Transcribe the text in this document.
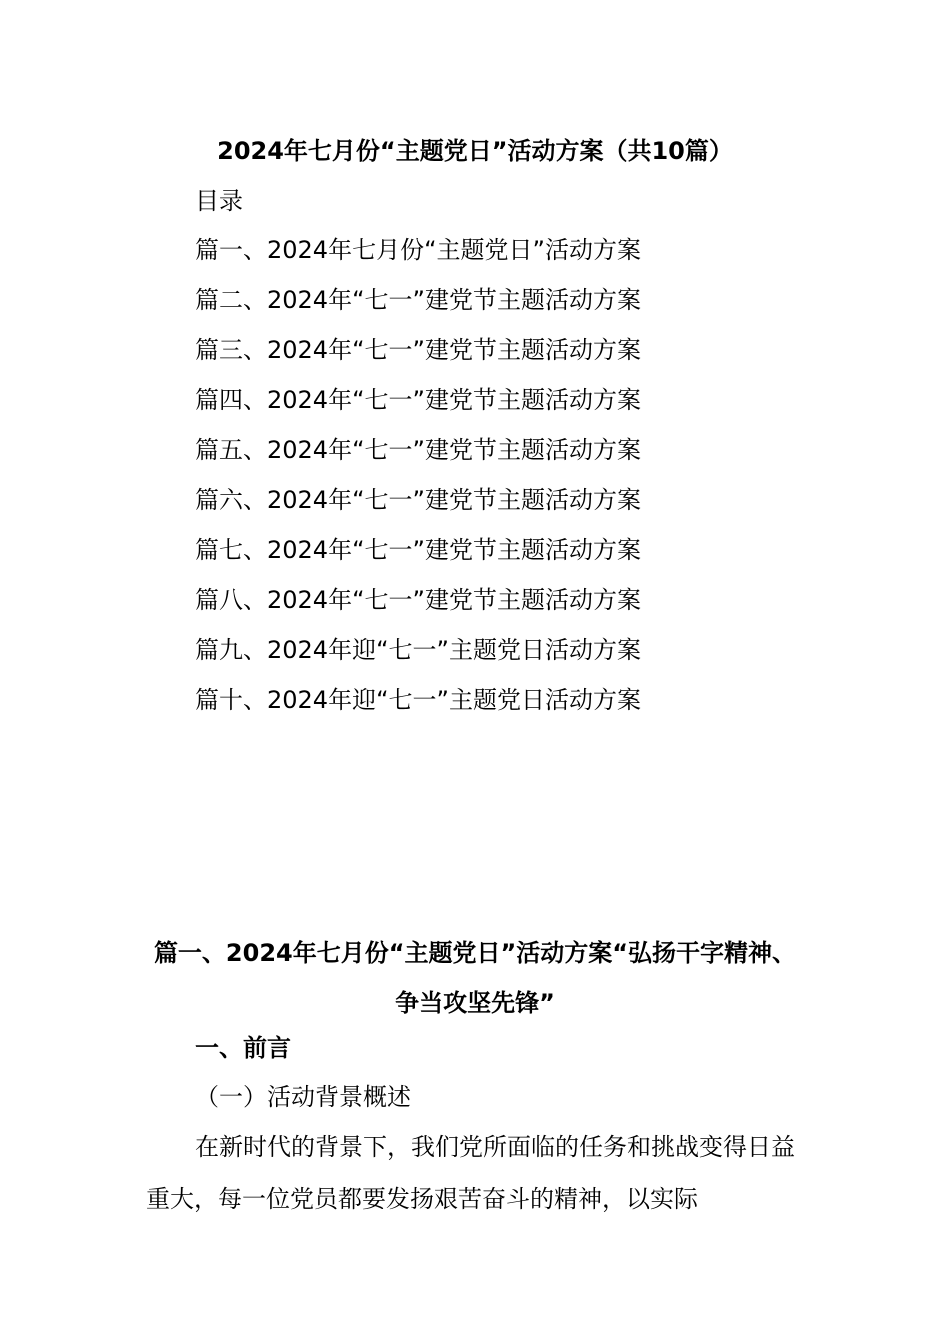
2024年七月份“主题党日”活动方案（共10篇）

目录

篇一、2024年七月份“主题党日”活动方案
篇二、2024年“七一”建党节主题活动方案
篇三、2024年“七一”建党节主题活动方案
篇四、2024年“七一”建党节主题活动方案
篇五、2024年“七一”建党节主题活动方案
篇六、2024年“七一”建党节主题活动方案
篇七、2024年“七一”建党节主题活动方案
篇八、2024年“七一”建党节主题活动方案
篇九、2024年迎“七一”主题党日活动方案
篇十、2024年迎“七一”主题党日活动方案
篇一、2024年七月份“主题党日”活动方案“弘扬干字精神、争当攻坚先锋”
一、前言

（一）活动背景概述

在新时代的背景下，我们党所面临的任务和挑战变得日益重大，每一位党员都要发扬艰苦奋斗的精神，以实际
